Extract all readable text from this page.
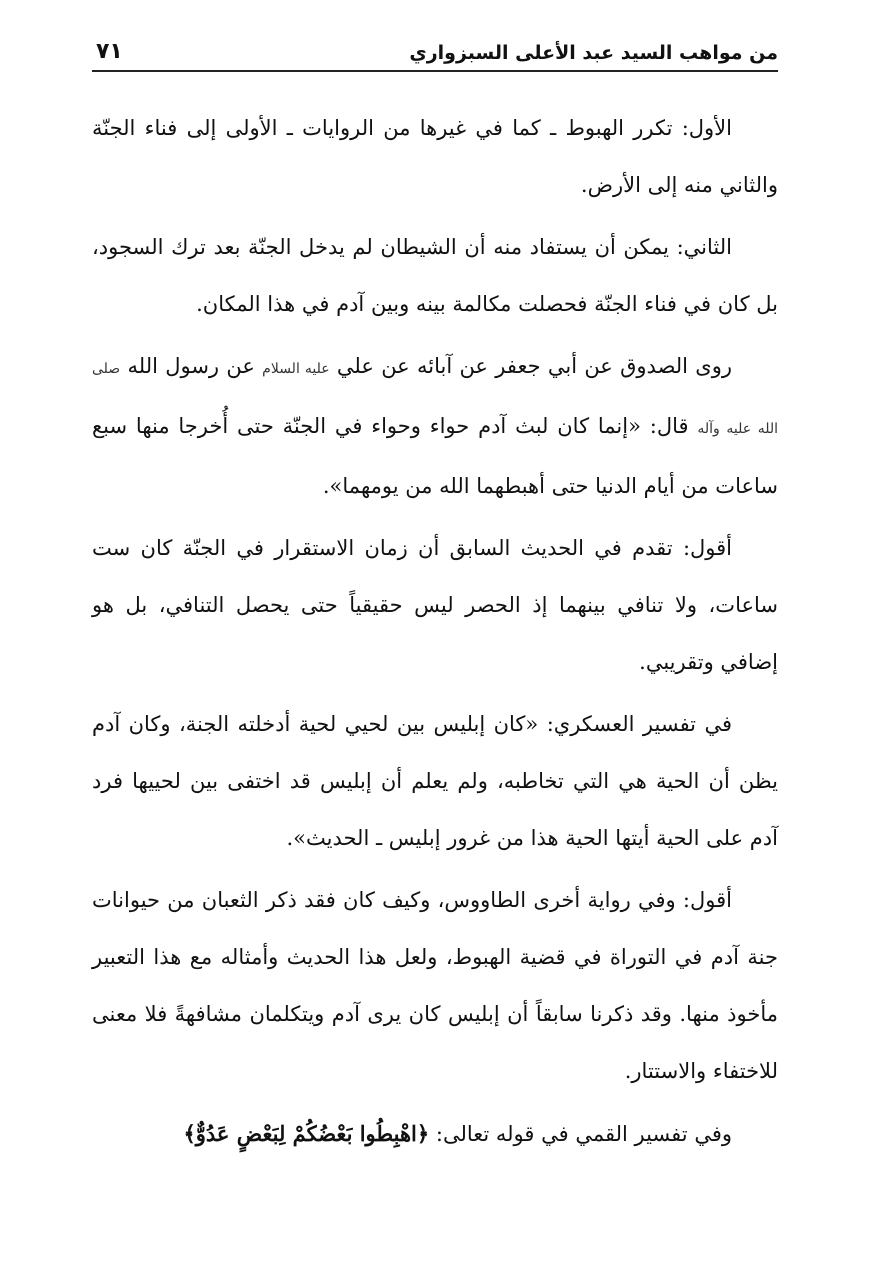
من مواهب السيد عبد الأعلى السبزواري
٧١

الأول: تكرر الهبوط ـ كما في غيرها من الروايات ـ الأولى إلى فناء الجنّة والثاني منه إلى الأرض.

الثاني: يمكن أن يستفاد منه أن الشيطان لم يدخل الجنّة بعد ترك السجود، بل كان في فناء الجنّة فحصلت مكالمة بينه وبين آدم في هذا المكان.

روى الصدوق عن أبي جعفر عن آبائه عن علي عليه السلام عن رسول الله صلى الله عليه وآله قال: «إنما كان لبث آدم حواء وحواء في الجنّة حتى أُخرجا منها سبع ساعات من أيام الدنيا حتى أهبطهما الله من يومهما».

أقول: تقدم في الحديث السابق أن زمان الاستقرار في الجنّة كان ست ساعات، ولا تنافي بينهما إذ الحصر ليس حقيقياً حتى يحصل التنافي، بل هو إضافي وتقريبي.

في تفسير العسكري: «كان إبليس بين لحيي لحية أدخلته الجنة، وكان آدم يظن أن الحية هي التي تخاطبه، ولم يعلم أن إبليس قد اختفى بين لحييها فرد آدم على الحية أيتها الحية هذا من غرور إبليس ـ الحديث».

أقول: وفي رواية أخرى الطاووس، وكيف كان فقد ذكر الثعبان من حيوانات جنة آدم في التوراة في قضية الهبوط، ولعل هذا الحديث وأمثاله مع هذا التعبير مأخوذ منها. وقد ذكرنا سابقاً أن إبليس كان يرى آدم ويتكلمان مشافهةً فلا معنى للاختفاء والاستتار.

وفي تفسير القمي في قوله تعالى: ﴿اهْبِطُوا بَعْضُكُمْ لِبَعْضٍ عَدُوٌّ﴾
